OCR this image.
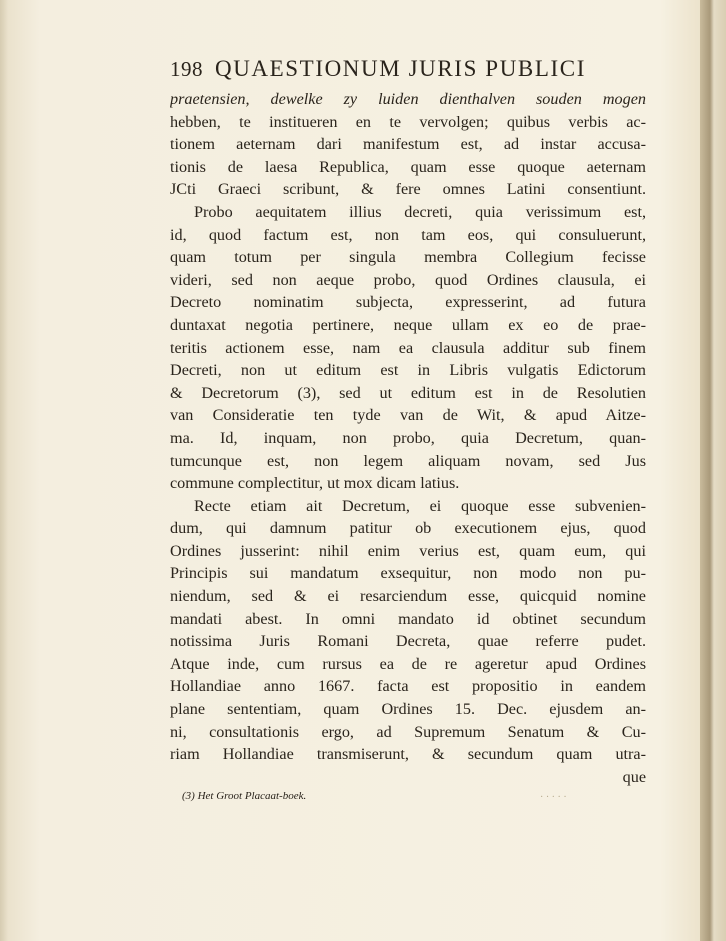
198 QUAESTIONUM JURIS PUBLICI
praetensien, dewelke zy luiden dienthalven souden mogen
hebben, te institueren en te vervolgen; quibus verbis ac-
tionem aeternam dari manifestum est, ad instar accusa-
tionis de laesa Republica, quam esse quoque aeternam
JCti Graeci scribunt, & fere omnes Latini consentiunt.
Probo aequitatem illius decreti, quia verissimum est,
id, quod factum est, non tam eos, qui consuluerunt,
quam totum per singula membra Collegium fecisse
videri, sed non aeque probo, quod Ordines clausula, ei
Decreto nominatim subjecta, expresserint, ad futura
duntaxat negotia pertinere, neque ullam ex eo de prae-
teritis actionem esse, nam ea clausula additur sub finem
Decreti, non ut editum est in Libris vulgatis Edictorum
& Decretorum (3), sed ut editum est in de Resolutien
van Consideratie ten tyde van de Wit, & apud Aitze-
ma. Id, inquam, non probo, quia Decretum, quan-
tumcunque est, non legem aliquam novam, sed Jus
commune complectitur, ut mox dicam latius.
Recte etiam ait Decretum, ei quoque esse subvenien-
dum, qui damnum patitur ob executionem ejus, quod
Ordines jusserint: nihil enim verius est, quam eum, qui
Principis sui mandatum exsequitur, non modo non pu-
niendum, sed & ei resarciendum esse, quicquid nomine
mandati abest. In omni mandato id obtinet secundum
notissima Juris Romani Decreta, quae referre pudet.
Atque inde, cum rursus ea de re ageretur apud Ordines
Hollandiae anno 1667. facta est propositio in eandem
plane sententiam, quam Ordines 15. Dec. ejusdem an-
ni, consultationis ergo, ad Supremum Senatum & Cu-
riam Hollandiae transmiserunt, & secundum quam utra-
que
(3) Het Groot Placaat-boek.	· · · · ·
